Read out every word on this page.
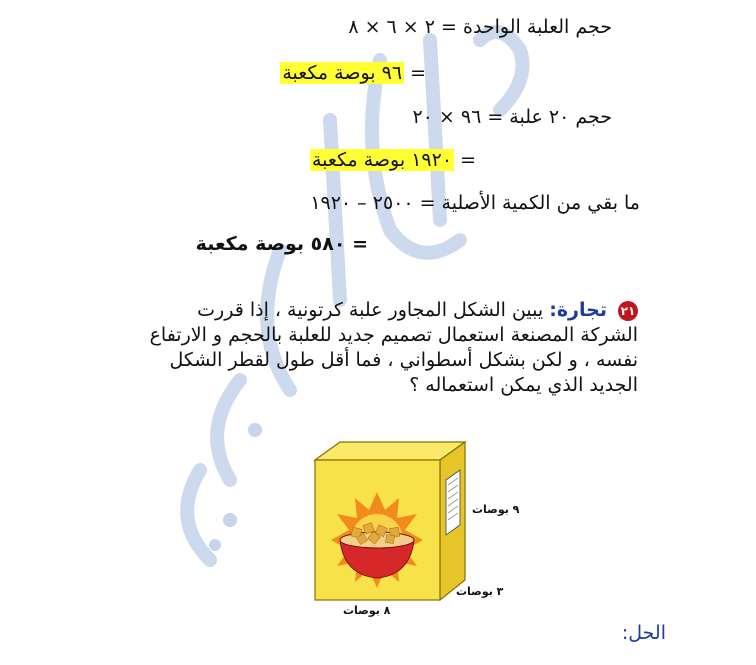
حجم العلبة الواحدة = ٢ × ٦ × ٨
= ٩٦ بوصة مكعبة
حجم ٢٠ علبة = ٩٦ × ٢٠
= ١٩٢٠ بوصة مكعبة
ما بقي من الكمية الأصلية = ٢٥٠٠ – ١٩٢٠
= ٥٨٠ بوصة مكعبة
٢١ تجارة: يبين الشكل المجاور علبة كرتونية ، إذا قررت الشركة المصنعة استعمال تصميم جديد للعلبة بالحجم و الارتفاع نفسه ، و لكن بشكل أسطواني ، فما أقل طول لقطر الشكل الجديد الذي يمكن استعماله ؟
٩ بوصات
٣ بوصات
٨ بوصات
الحل:
